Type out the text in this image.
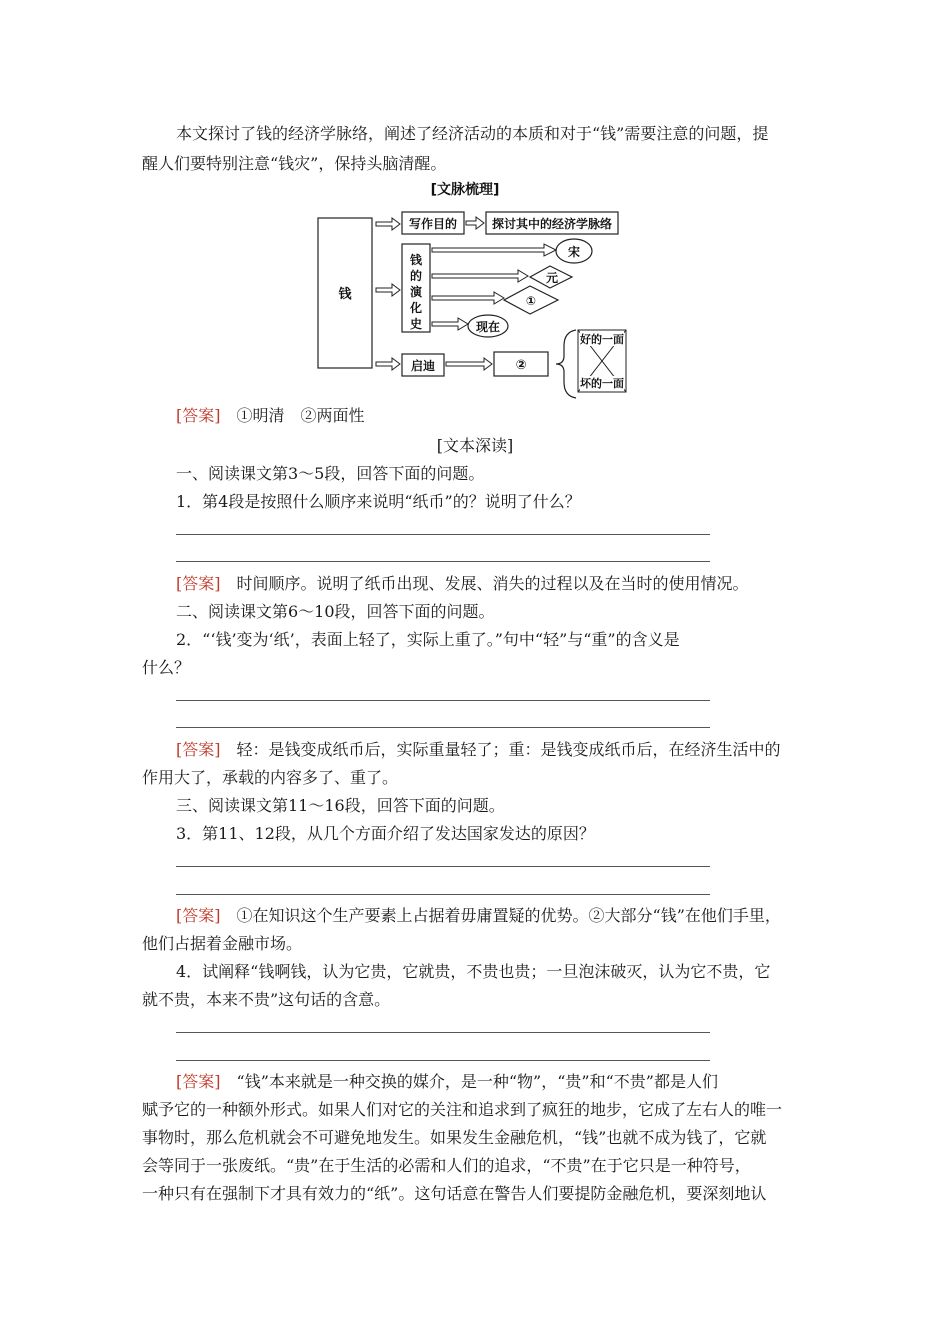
本文探讨了钱的经济学脉络，阐述了经济活动的本质和对于“钱”需要注意的问题，提

醒人们要特别注意“钱灾”，保持头脑清醒。

[文脉梳理]
钱
写作目的	探讨其中的经济学脉络
钱
的
演
化
史
宋
元
①
现在
启迪	②
好的一面
坏的一面

[答案]　 ①明清　②两面性

[文本深读]

一、阅读课文第3～5段，回答下面的问题。

1．第4段是按照什么顺序来说明“纸币”的？说明了什么？

[答案]　 时间顺序。说明了纸币出现、发展、消失的过程以及在当时的使用情况。

二、阅读课文第6～10段，回答下面的问题。

2．“‘钱’变为‘纸’，表面上轻了，实际上重了。”句中“轻”与“重”的含义是

什么？

[答案]　 轻：是钱变成纸币后，实际重量轻了；重：是钱变成纸币后，在经济生活中的

作用大了，承载的内容多了、重了。

三、阅读课文第11～16段，回答下面的问题。

3．第11、12段，从几个方面介绍了发达国家发达的原因？

[答案]　 ①在知识这个生产要素上占据着毋庸置疑的优势。②大部分“钱”在他们手里，

他们占据着金融市场。

4．试阐释“钱啊钱，认为它贵，它就贵，不贵也贵；一旦泡沫破灭，认为它不贵，它

就不贵，本来不贵”这句话的含意。

[答案]　 “钱”本来就是一种交换的媒介，是一种“物”，“贵”和“不贵”都是人们

赋予它的一种额外形式。如果人们对它的关注和追求到了疯狂的地步，它成了左右人的唯一

事物时，那么危机就会不可避免地发生。如果发生金融危机，“钱”也就不成为钱了，它就

会等同于一张废纸。“贵”在于生活的必需和人们的追求，“不贵”在于它只是一种符号，

一种只有在强制下才具有效力的“纸”。这句话意在警告人们要提防金融危机，要深刻地认
